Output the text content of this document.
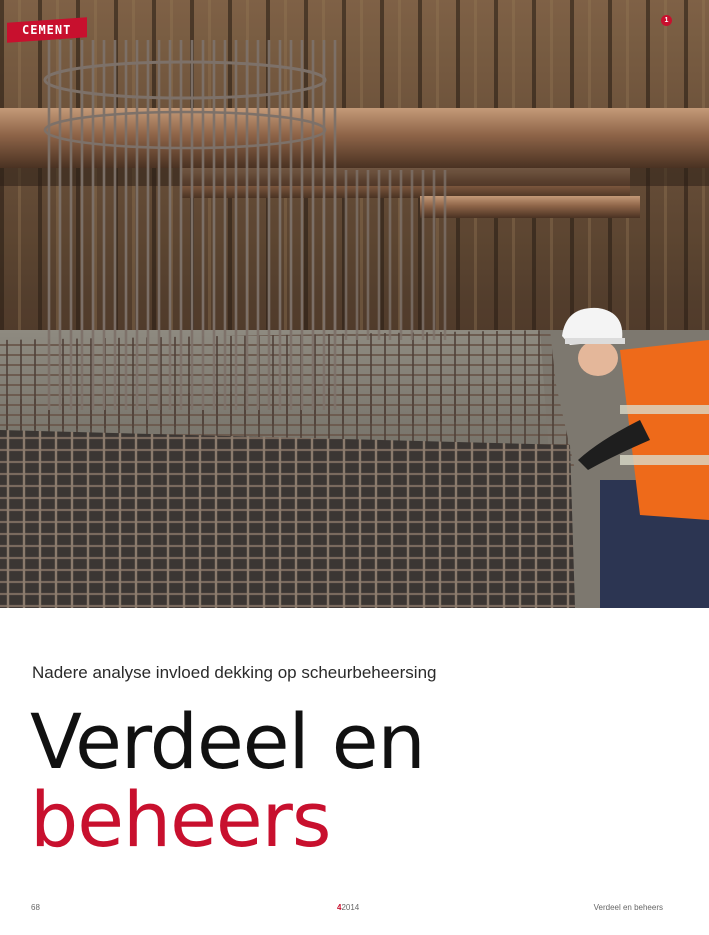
CEMENT
1
Nadere analyse invloed dekking op scheurbeheersing
Verdeel en
beheers
68	42014	Verdeel en beheers
